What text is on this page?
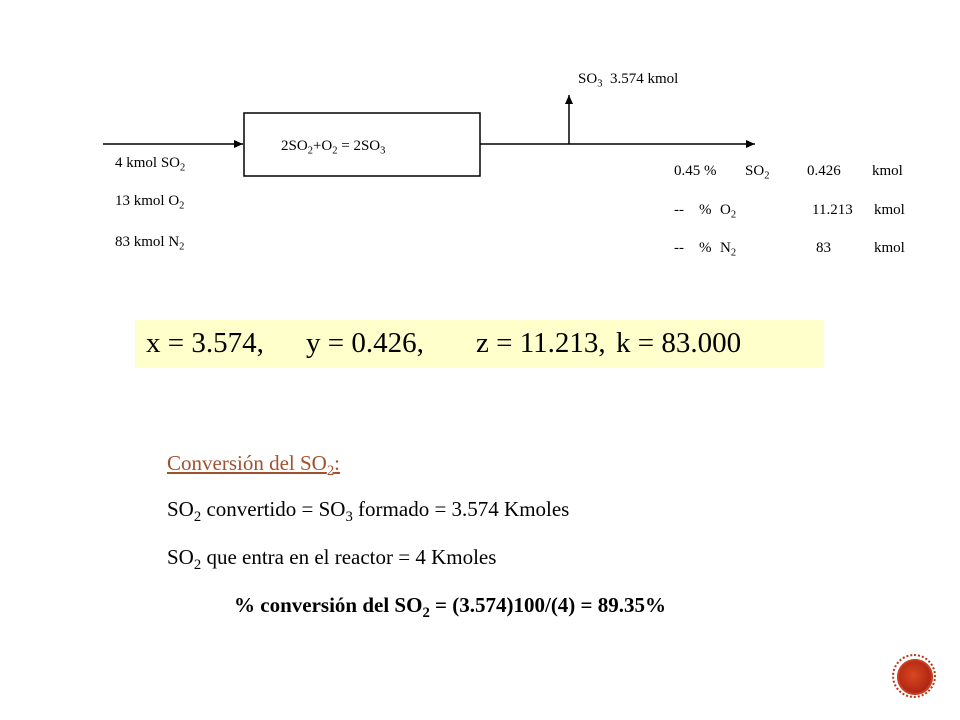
$2SO_2+O_2 = 2SO_3$
$SO_3$  3.574 kmol
4 kmol $SO_2$
13 kmol $O_2$
83 kmol $N_2$
0.45 % $SO_2$	0.426 kmol
--    % $O_2$	11.213 kmol
--    % $N_2$	83	kmol
x = 3.574, y = 0.426, z = 11.213, k = 83.000
Conversión del $SO_2$:
$SO_2$ convertido = $SO_3$ formado = 3.574 Kmoles
$SO_2$ que entra en el reactor = 4 Kmoles
% conversión del $SO_2 = (3.574)100/(4) = 89.35\%$
